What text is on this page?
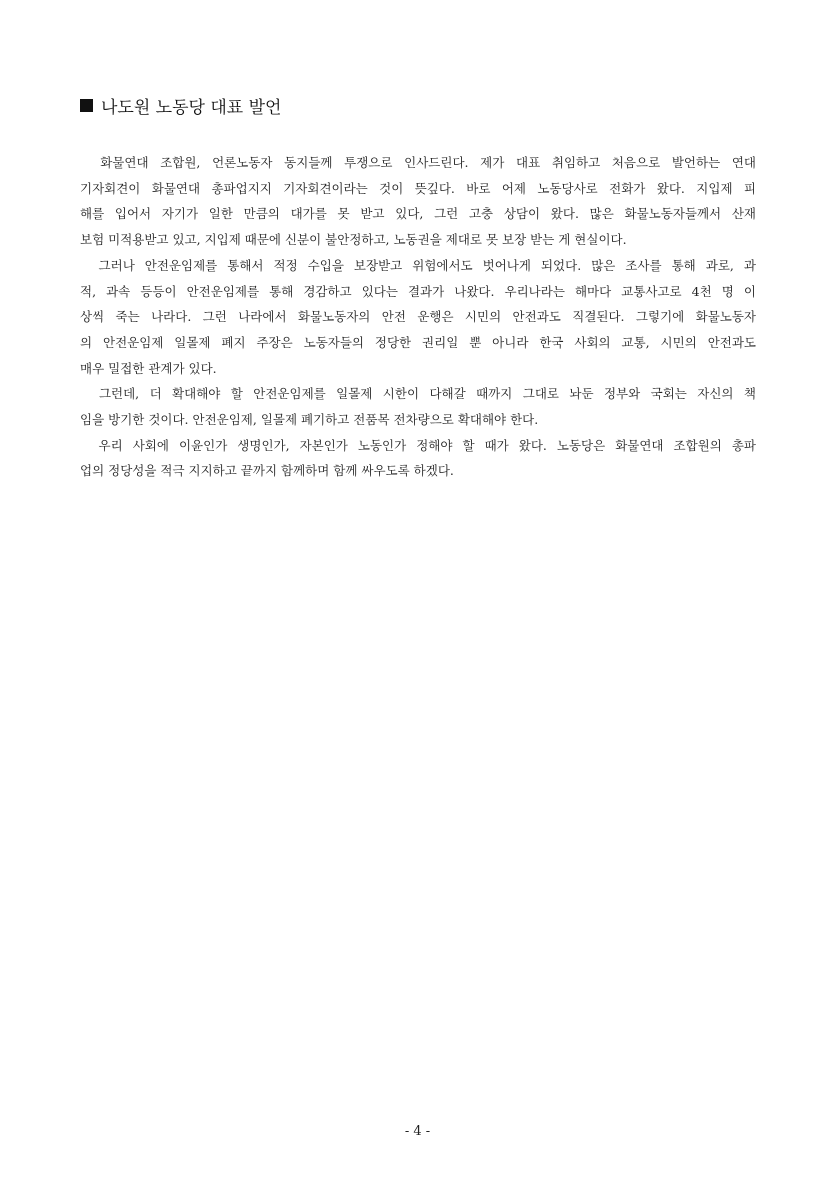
나도원 노동당 대표 발언

　화물연대 조합원, 언론노동자 동지들께 투쟁으로 인사드린다. 제가 대표 취임하고 처음으로 발언하는 연대
기자회견이 화물연대 총파업지지 기자회견이라는 것이 뜻깊다. 바로 어제 노동당사로 전화가 왔다. 지입제 피
해를 입어서 자기가 일한 만큼의 대가를 못 받고 있다, 그런 고충 상담이 왔다. 많은 화물노동자들께서 산재
보험 미적용받고 있고, 지입제 때문에 신분이 불안정하고, 노동권을 제대로 못 보장 받는 게 현실이다.

　그러나 안전운임제를 통해서 적정 수입을 보장받고 위험에서도 벗어나게 되었다. 많은 조사를 통해 과로, 과
적, 과속 등등이 안전운임제를 통해 경감하고 있다는 결과가 나왔다. 우리나라는 해마다 교통사고로 4천 명 이
상씩 죽는 나라다. 그런 나라에서 화물노동자의 안전 운행은 시민의 안전과도 직결된다. 그렇기에 화물노동자
의 안전운임제 일몰제 폐지 주장은 노동자들의 정당한 권리일 뿐 아니라 한국 사회의 교통, 시민의 안전과도
매우 밀접한 관계가 있다.

　그런데, 더 확대해야 할 안전운임제를 일몰제 시한이 다해갈 때까지 그대로 놔둔 정부와 국회는 자신의 책
임을 방기한 것이다. 안전운임제, 일몰제 폐기하고 전품목 전차량으로 확대해야 한다.

　우리 사회에 이윤인가 생명인가, 자본인가 노동인가 정해야 할 때가 왔다. 노동당은 화물연대 조합원의 총파
업의 정당성을 적극 지지하고 끝까지 함께하며 함께 싸우도록 하겠다.

- 4 -
